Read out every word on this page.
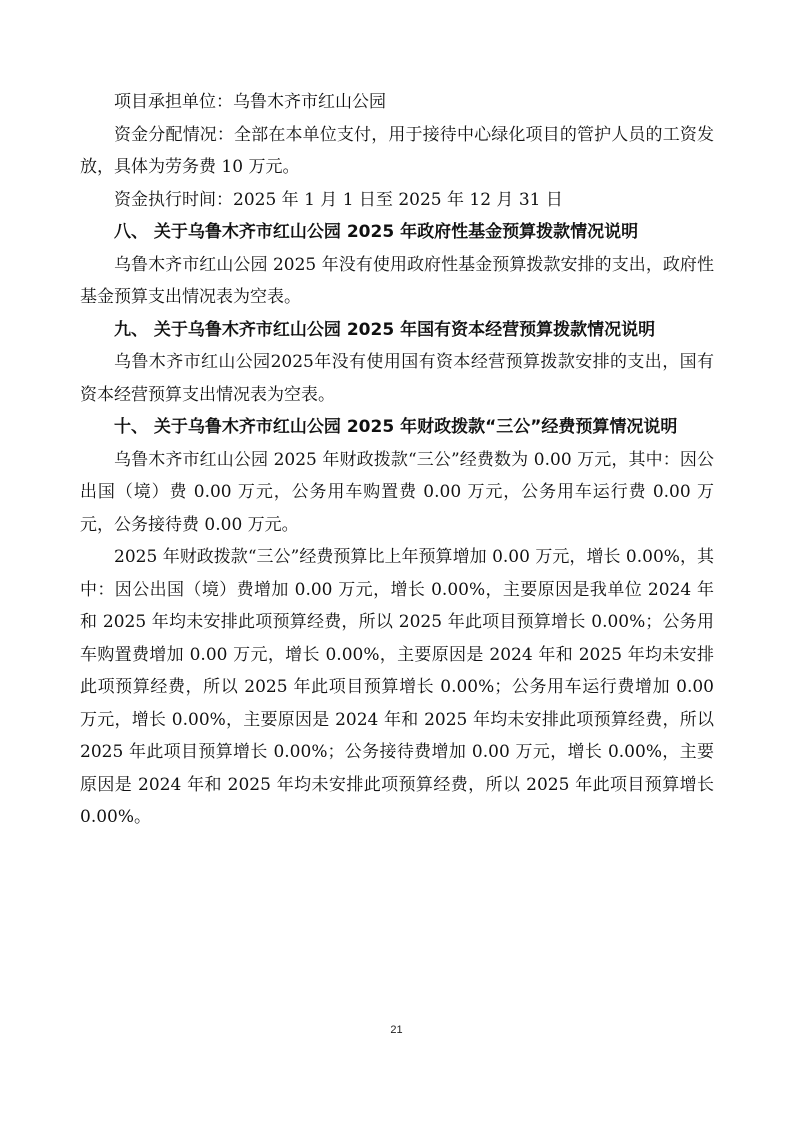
项目承担单位：乌鲁木齐市红山公园

资金分配情况：全部在本单位支付，用于接待中心绿化项目的管护人员的工资发放，具体为劳务费 10 万元。

资金执行时间：2025 年 1 月 1 日至 2025 年 12 月 31 日

八、 关于乌鲁木齐市红山公园 2025 年政府性基金预算拨款情况说明

乌鲁木齐市红山公园 2025 年没有使用政府性基金预算拨款安排的支出，政府性基金预算支出情况表为空表。

九、 关于乌鲁木齐市红山公园 2025 年国有资本经营预算拨款情况说明

乌鲁木齐市红山公园2025年没有使用国有资本经营预算拨款安排的支出，国有资本经营预算支出情况表为空表。

十、 关于乌鲁木齐市红山公园 2025 年财政拨款“三公”经费预算情况说明

乌鲁木齐市红山公园 2025 年财政拨款“三公”经费数为 0.00 万元，其中：因公出国（境）费 0.00 万元，公务用车购置费 0.00 万元，公务用车运行费 0.00 万元，公务接待费 0.00 万元。

2025 年财政拨款“三公”经费预算比上年预算增加 0.00 万元，增长 0.00%，其中：因公出国（境）费增加 0.00 万元，增长 0.00%，主要原因是我单位 2024 年和 2025 年均未安排此项预算经费，所以 2025 年此项目预算增长 0.00%；公务用车购置费增加 0.00 万元，增长 0.00%，主要原因是 2024 年和 2025 年均未安排此项预算经费，所以 2025 年此项目预算增长 0.00%；公务用车运行费增加 0.00 万元，增长 0.00%，主要原因是 2024 年和 2025 年均未安排此项预算经费，所以 2025 年此项目预算增长 0.00%；公务接待费增加 0.00 万元，增长 0.00%，主要原因是 2024 年和 2025 年均未安排此项预算经费，所以 2025 年此项目预算增长 0.00%。

21
